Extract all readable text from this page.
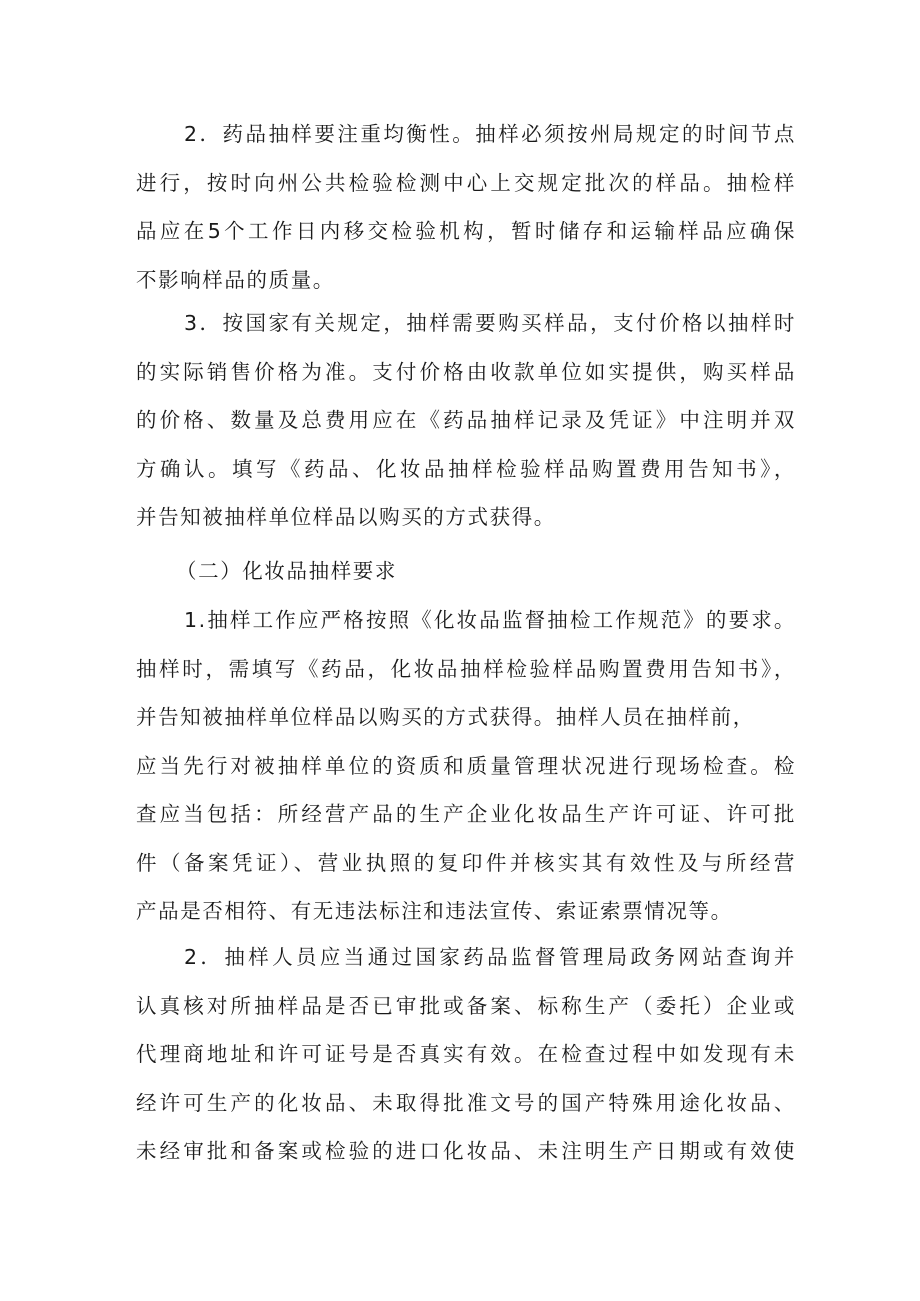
2．药品抽样要注重均衡性。抽样必须按州局规定的时间节点
进行，按时向州公共检验检测中心上交规定批次的样品。抽检样
品应在5个工作日内移交检验机构，暂时储存和运输样品应确保
不影响样品的质量。
3．按国家有关规定，抽样需要购买样品，支付价格以抽样时
的实际销售价格为准。支付价格由收款单位如实提供，购买样品
的价格、数量及总费用应在《药品抽样记录及凭证》中注明并双
方确认。填写《药品、化妆品抽样检验样品购置费用告知书》，
并告知被抽样单位样品以购买的方式获得。
（二）化妆品抽样要求
1.抽样工作应严格按照《化妆品监督抽检工作规范》的要求。
抽样时，需填写《药品，化妆品抽样检验样品购置费用告知书》，
并告知被抽样单位样品以购买的方式获得。抽样人员在抽样前，
应当先行对被抽样单位的资质和质量管理状况进行现场检查。检
查应当包括：所经营产品的生产企业化妆品生产许可证、许可批
件（备案凭证）、营业执照的复印件并核实其有效性及与所经营
产品是否相符、有无违法标注和违法宣传、索证索票情况等。
2．抽样人员应当通过国家药品监督管理局政务网站查询并
认真核对所抽样品是否已审批或备案、标称生产（委托）企业或
代理商地址和许可证号是否真实有效。在检查过程中如发现有未
经许可生产的化妆品、未取得批准文号的国产特殊用途化妆品、
未经审批和备案或检验的进口化妆品、未注明生产日期或有效使
